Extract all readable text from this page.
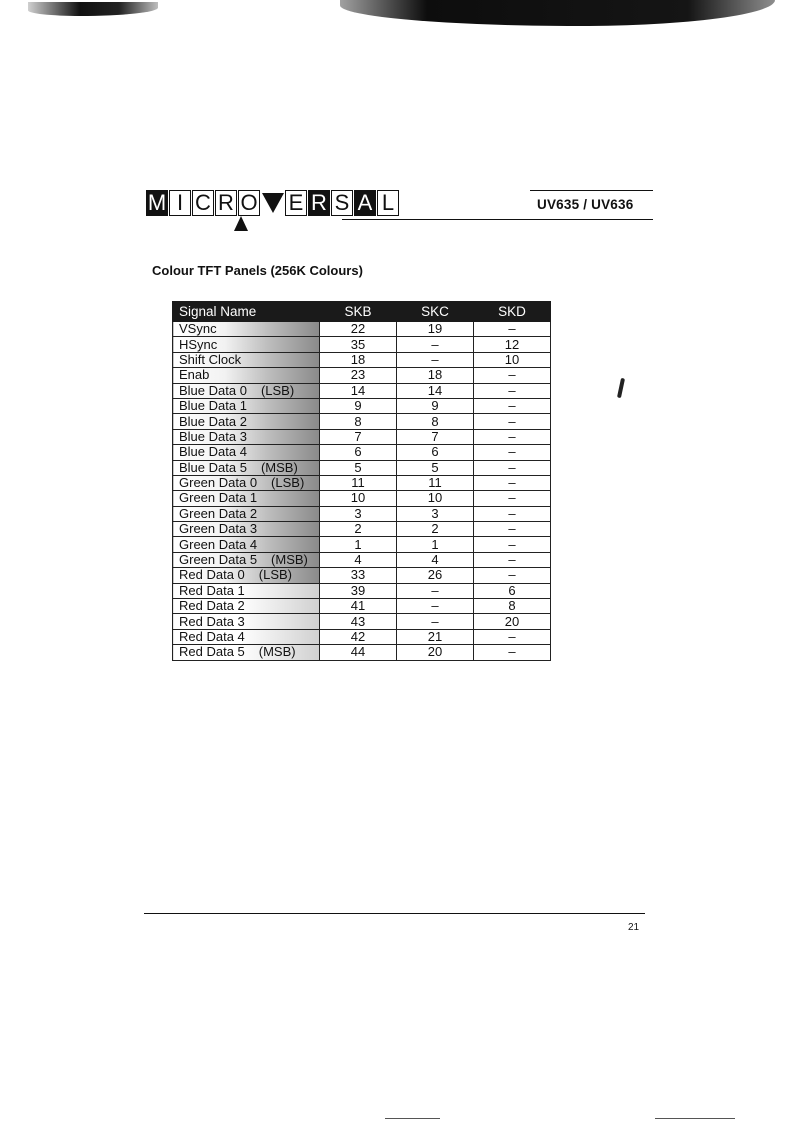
M I C R O E R S A L	UV635 / UV636
Colour TFT Panels (256K Colours)
Signal Name	SKB	SKC	SKD
VSync	22	19	–
HSync	35	–	12
Shift Clock	18	–	10
Enab	23	18	–
Blue Data 0 (LSB)	14	14	–
Blue Data 1	9	9	–
Blue Data 2	8	8	–
Blue Data 3	7	7	–
Blue Data 4	6	6	–
Blue Data 5 (MSB)	5	5	–
Green Data 0 (LSB)	11	11	–
Green Data 1	10	10	–
Green Data 2	3	3	–
Green Data 3	2	2	–
Green Data 4	1	1	–
Green Data 5 (MSB)	4	4	–
Red Data 0 (LSB)	33	26	–
Red Data 1	39	–	6
Red Data 2	41	–	8
Red Data 3	43	–	20
Red Data 4	42	21	–
Red Data 5 (MSB)	44	20	–
21
